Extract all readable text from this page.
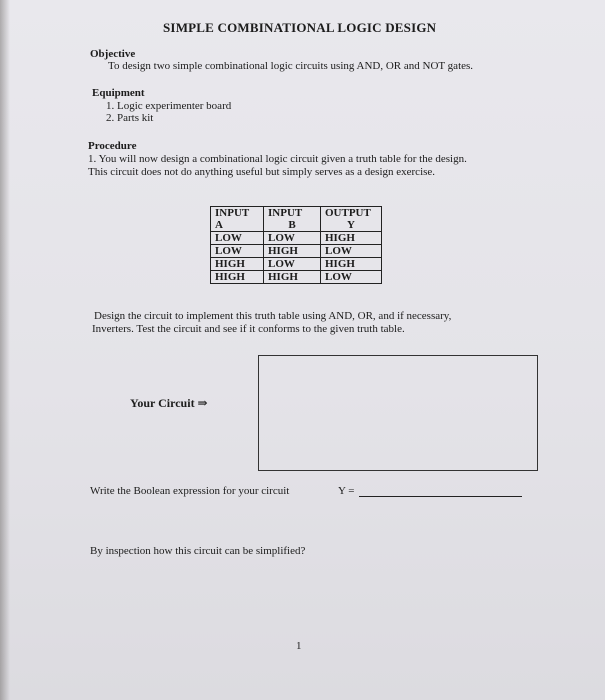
SIMPLE COMBINATIONAL LOGIC DESIGN
Objective
To design two simple combinational logic circuits using AND, OR and NOT gates.
Equipment
1. Logic experimenter board
2. Parts kit
Procedure
1. You will now design a combinational logic circuit given a truth table for the design.
This circuit does not do anything useful but simply serves as a design exercise.
INPUT	INPUT	OUTPUT
A	B	Y
LOW	LOW	HIGH
LOW	HIGH	LOW
HIGH	LOW	HIGH
HIGH	HIGH	LOW
Design the circuit to implement this truth table using AND, OR, and if necessary,
Inverters. Test the circuit and see if it conforms to the given truth table.
Your Circuit ⇒
Write the Boolean expression for your circuit	Y =
By inspection how this circuit can be simplified?
1
